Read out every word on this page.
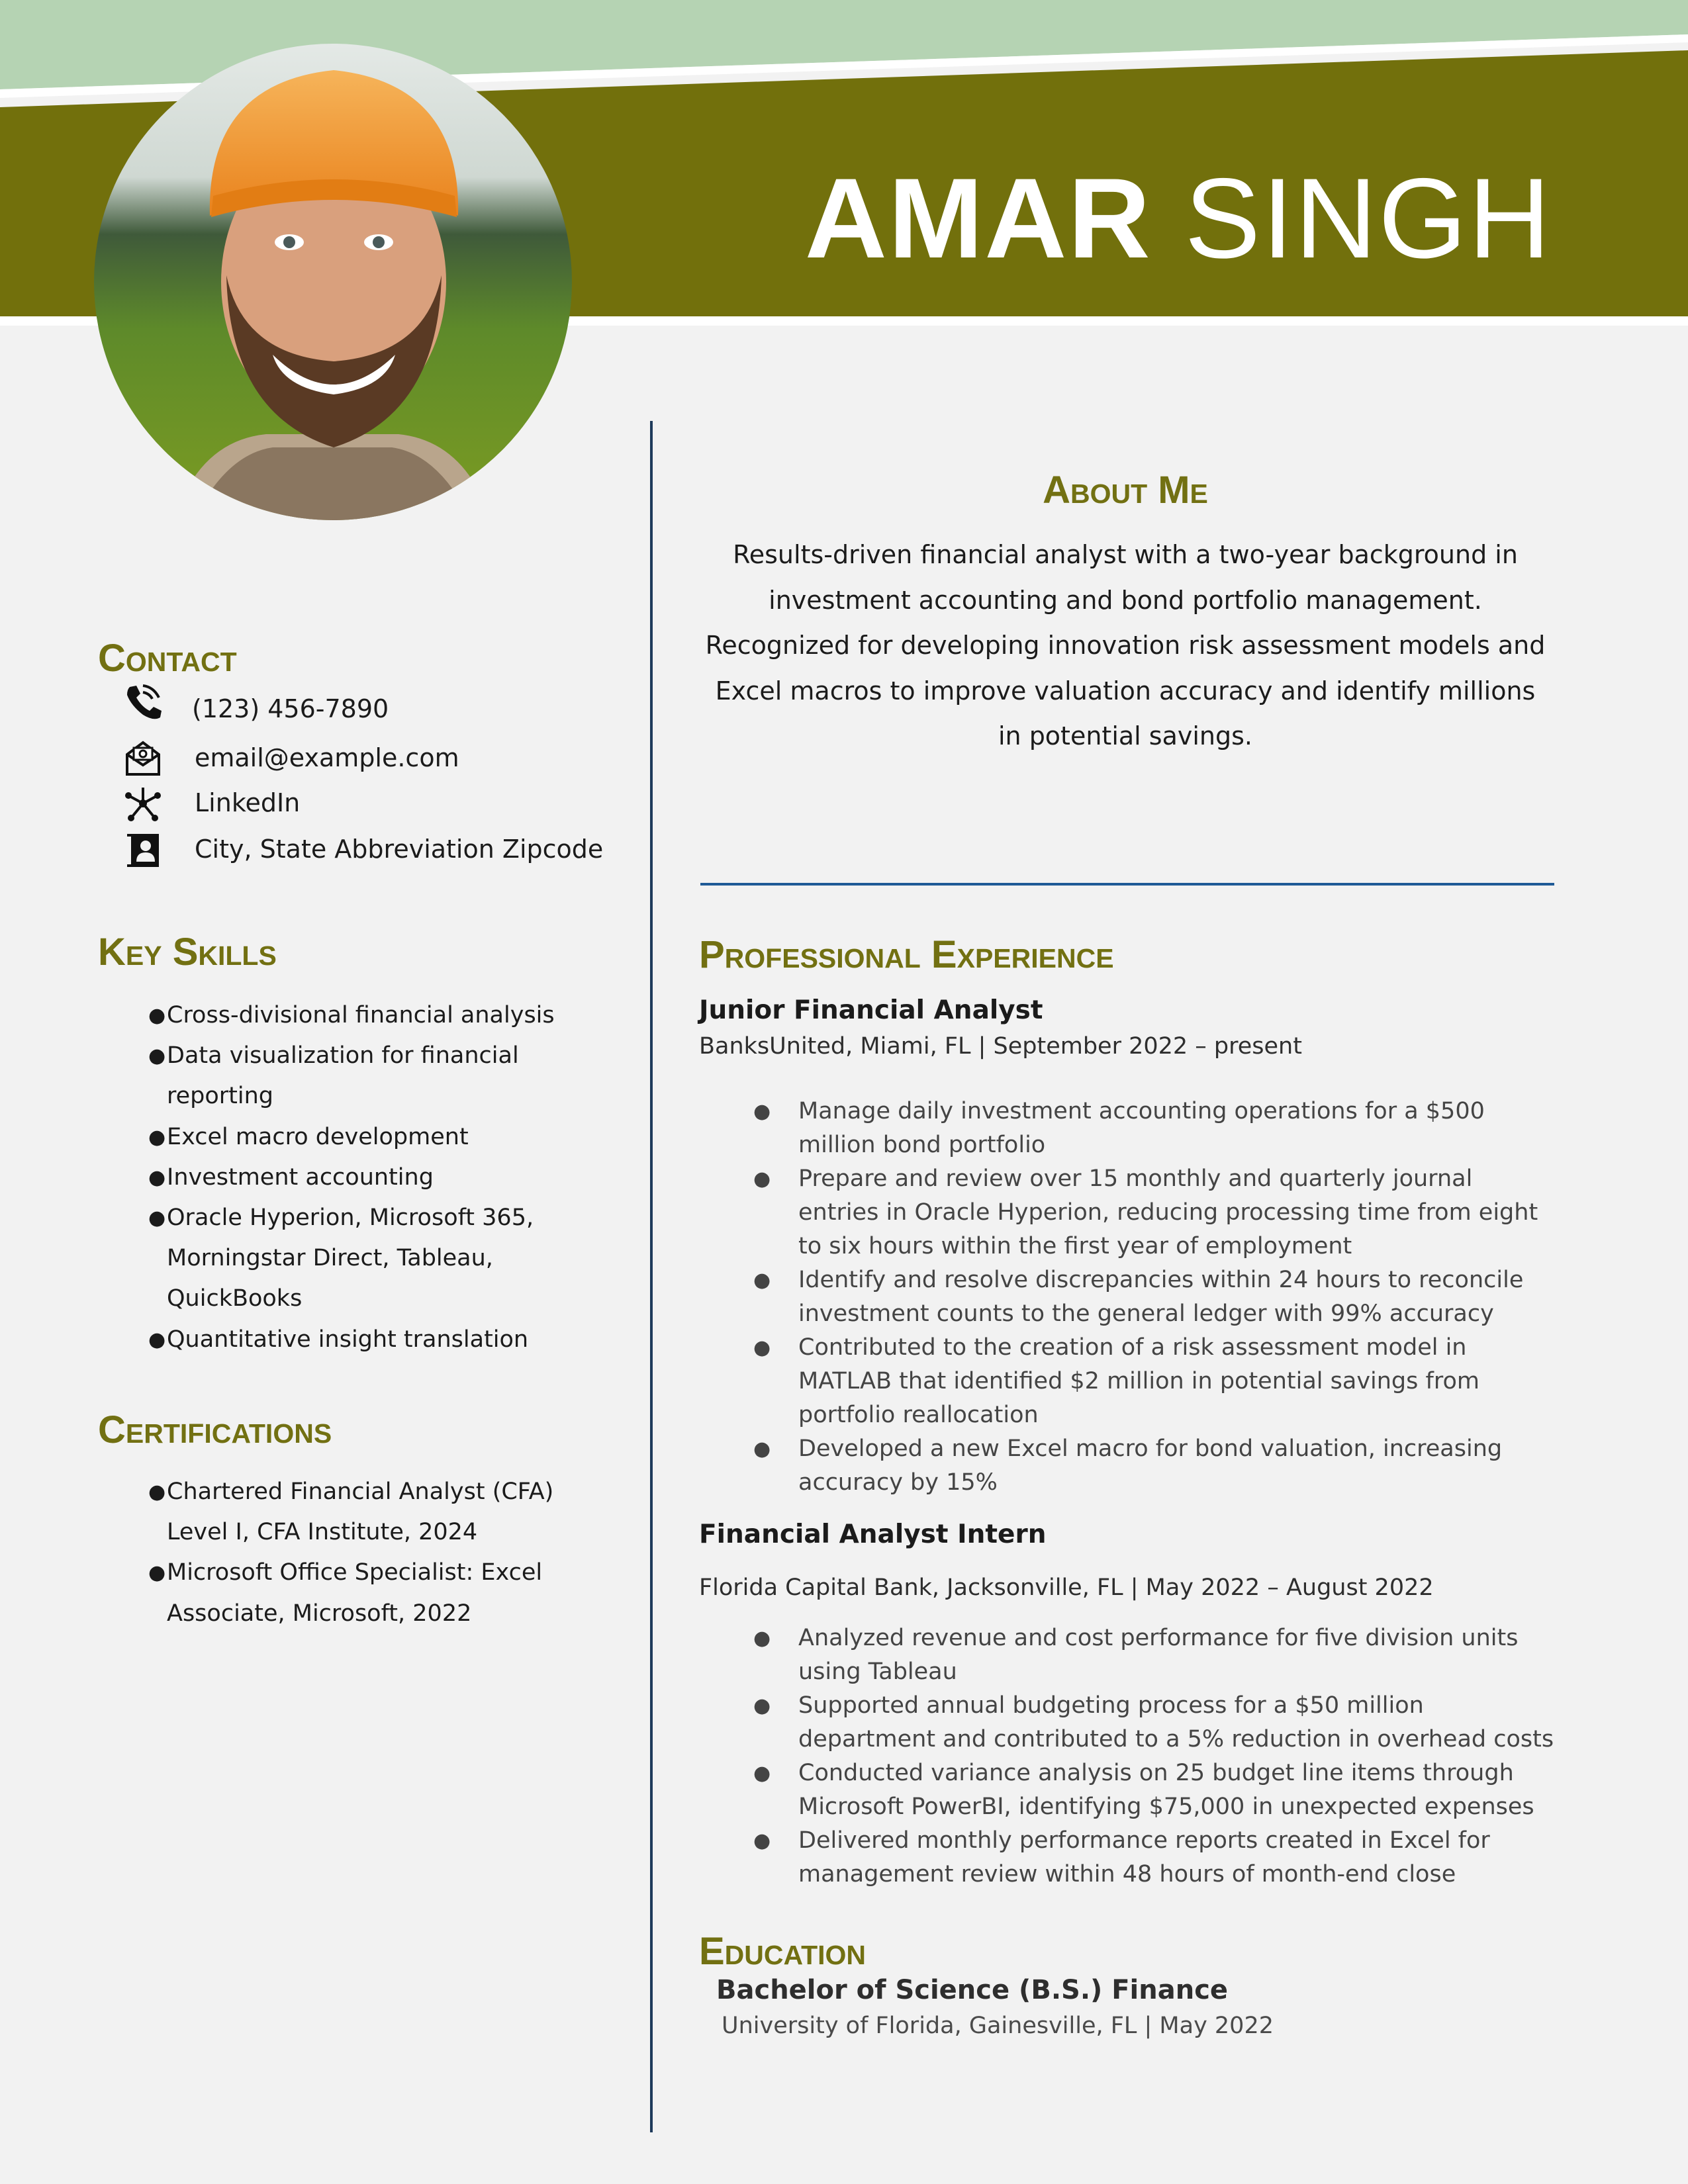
AMAR SINGH
Contact
(123) 456-7890
email@example.com
LinkedIn
City, State Abbreviation Zipcode
Key Skills
● Cross-divisional financial analysis
● Data visualization for financial reporting
● Excel macro development
● Investment accounting
● Oracle Hyperion, Microsoft 365, Morningstar Direct, Tableau, QuickBooks
● Quantitative insight translation
Certifications
● Chartered Financial Analyst (CFA) Level I, CFA Institute, 2024
● Microsoft Office Specialist: Excel Associate, Microsoft, 2022
About Me
Results-driven financial analyst with a two-year background in investment accounting and bond portfolio management. Recognized for developing innovation risk assessment models and Excel macros to improve valuation accuracy and identify millions in potential savings.
Professional Experience
Junior Financial Analyst
BanksUnited, Miami, FL | September 2022 – present
● Manage daily investment accounting operations for a $500 million bond portfolio
● Prepare and review over 15 monthly and quarterly journal entries in Oracle Hyperion, reducing processing time from eight to six hours within the first year of employment
● Identify and resolve discrepancies within 24 hours to reconcile investment counts to the general ledger with 99% accuracy
● Contributed to the creation of a risk assessment model in MATLAB that identified $2 million in potential savings from portfolio reallocation
● Developed a new Excel macro for bond valuation, increasing accuracy by 15%
Financial Analyst Intern
Florida Capital Bank, Jacksonville, FL | May 2022 – August 2022
● Analyzed revenue and cost performance for five division units using Tableau
● Supported annual budgeting process for a $50 million department and contributed to a 5% reduction in overhead costs
● Conducted variance analysis on 25 budget line items through Microsoft PowerBI, identifying $75,000 in unexpected expenses
● Delivered monthly performance reports created in Excel for management review within 48 hours of month-end close
Education
Bachelor of Science (B.S.) Finance
University of Florida, Gainesville, FL | May 2022
